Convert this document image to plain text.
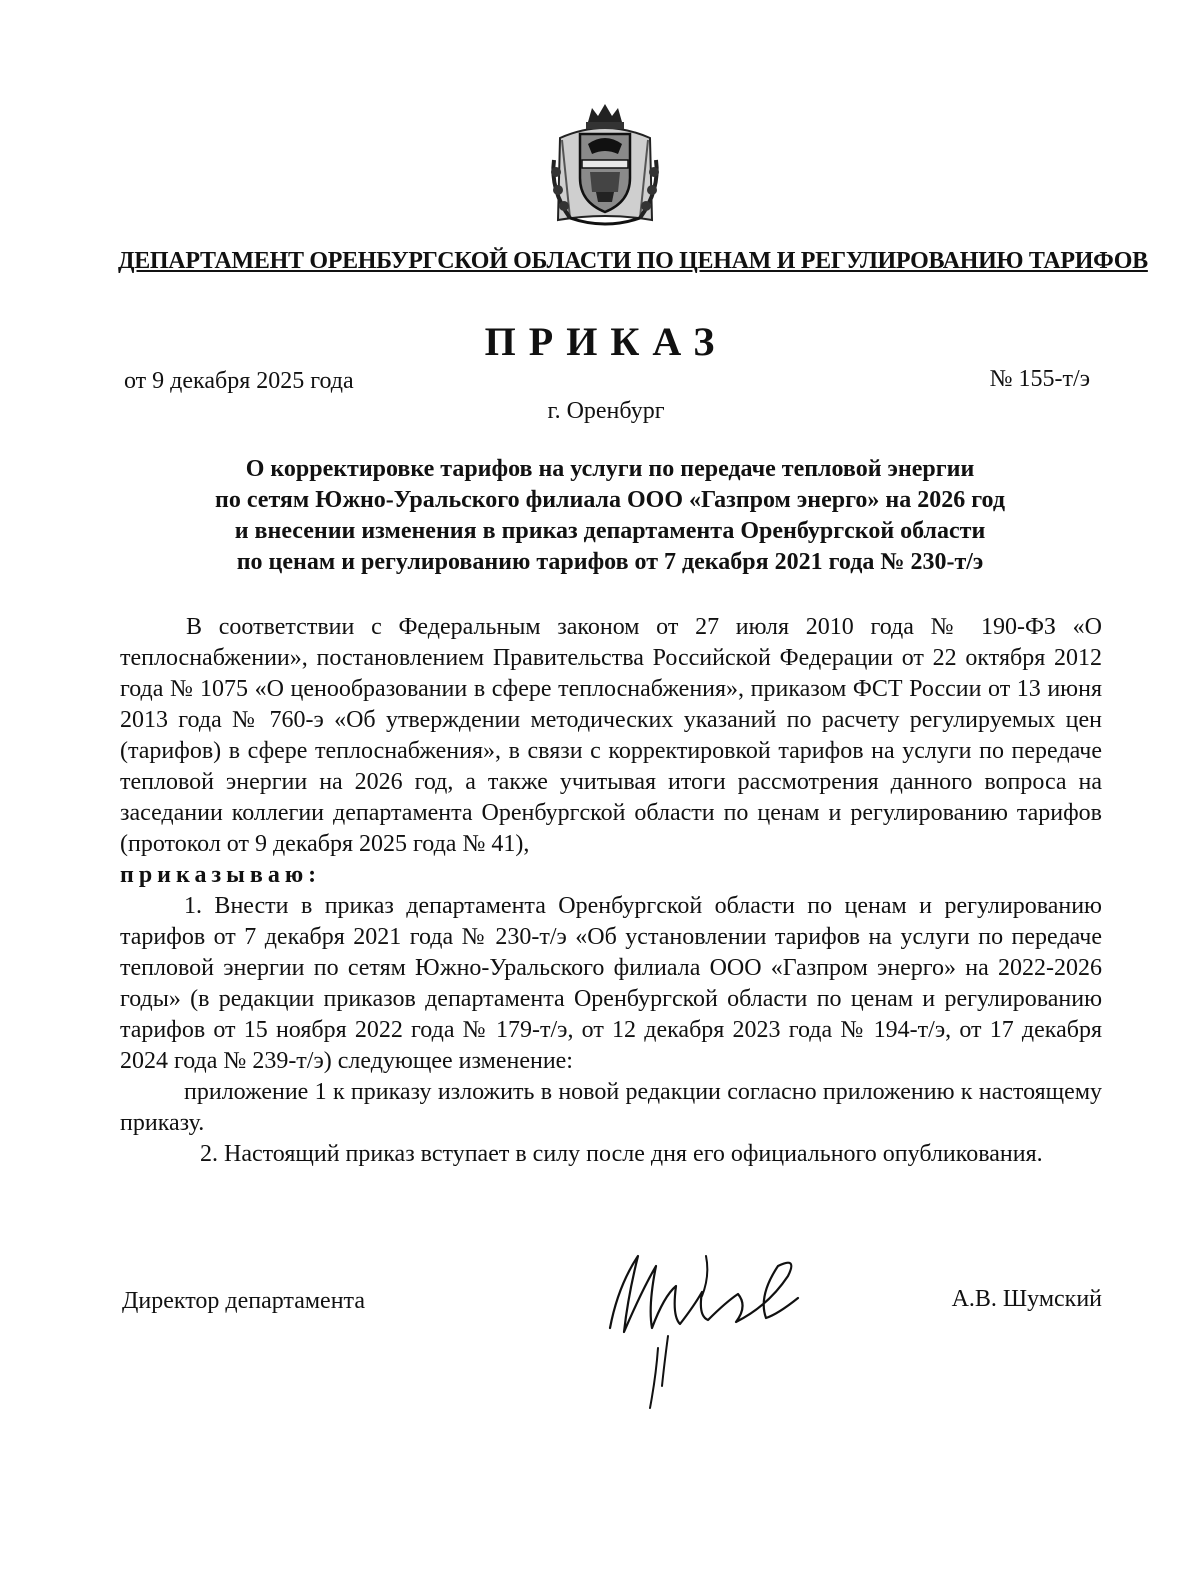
ДЕПАРТАМЕНТ ОРЕНБУРГСКОЙ ОБЛАСТИ ПО ЦЕНАМ И РЕГУЛИРОВАНИЮ ТАРИФОВ
ПРИКАЗ
от 9 декабря 2025 года	№ 155-т/э
г. Оренбург
О корректировке тарифов на услуги по передаче тепловой энергии
по сетям Южно-Уральского филиала ООО «Газпром энерго» на 2026 год
и внесении изменения в приказ департамента Оренбургской области
по ценам и регулированию тарифов от 7 декабря 2021 года № 230-т/э

В соответствии с Федеральным законом от 27 июля 2010 года № 190-ФЗ «О теплоснабжении», постановлением Правительства Российской Федерации от 22 октября 2012 года № 1075 «О ценообразовании в сфере теплоснабжения», приказом ФСТ России от 13 июня 2013 года № 760-э «Об утверждении методических указаний по расчету регулируемых цен (тарифов) в сфере теплоснабжения», в связи с корректировкой тарифов на услуги по передаче тепловой энергии на 2026 год, а также учитывая итоги рассмотрения данного вопроса на заседании коллегии департамента Оренбургской области по ценам и регулированию тарифов (протокол от 9 декабря 2025 года № 41),

приказываю:

1. Внести в приказ департамента Оренбургской области по ценам и регулированию тарифов от 7 декабря 2021 года № 230-т/э «Об установлении тарифов на услуги по передаче тепловой энергии по сетям Южно-Уральского филиала ООО «Газпром энерго» на 2022-2026 годы» (в редакции приказов департамента Оренбургской области по ценам и регулированию тарифов от 15 ноября 2022 года № 179-т/э, от 12 декабря 2023 года № 194-т/э, от 17 декабря 2024 года № 239-т/э) следующее изменение:

приложение 1 к приказу изложить в новой редакции согласно приложению к настоящему приказу.

2. Настоящий приказ вступает в силу после дня его официального опубликования.

Директор департамента	А.В. Шумский
